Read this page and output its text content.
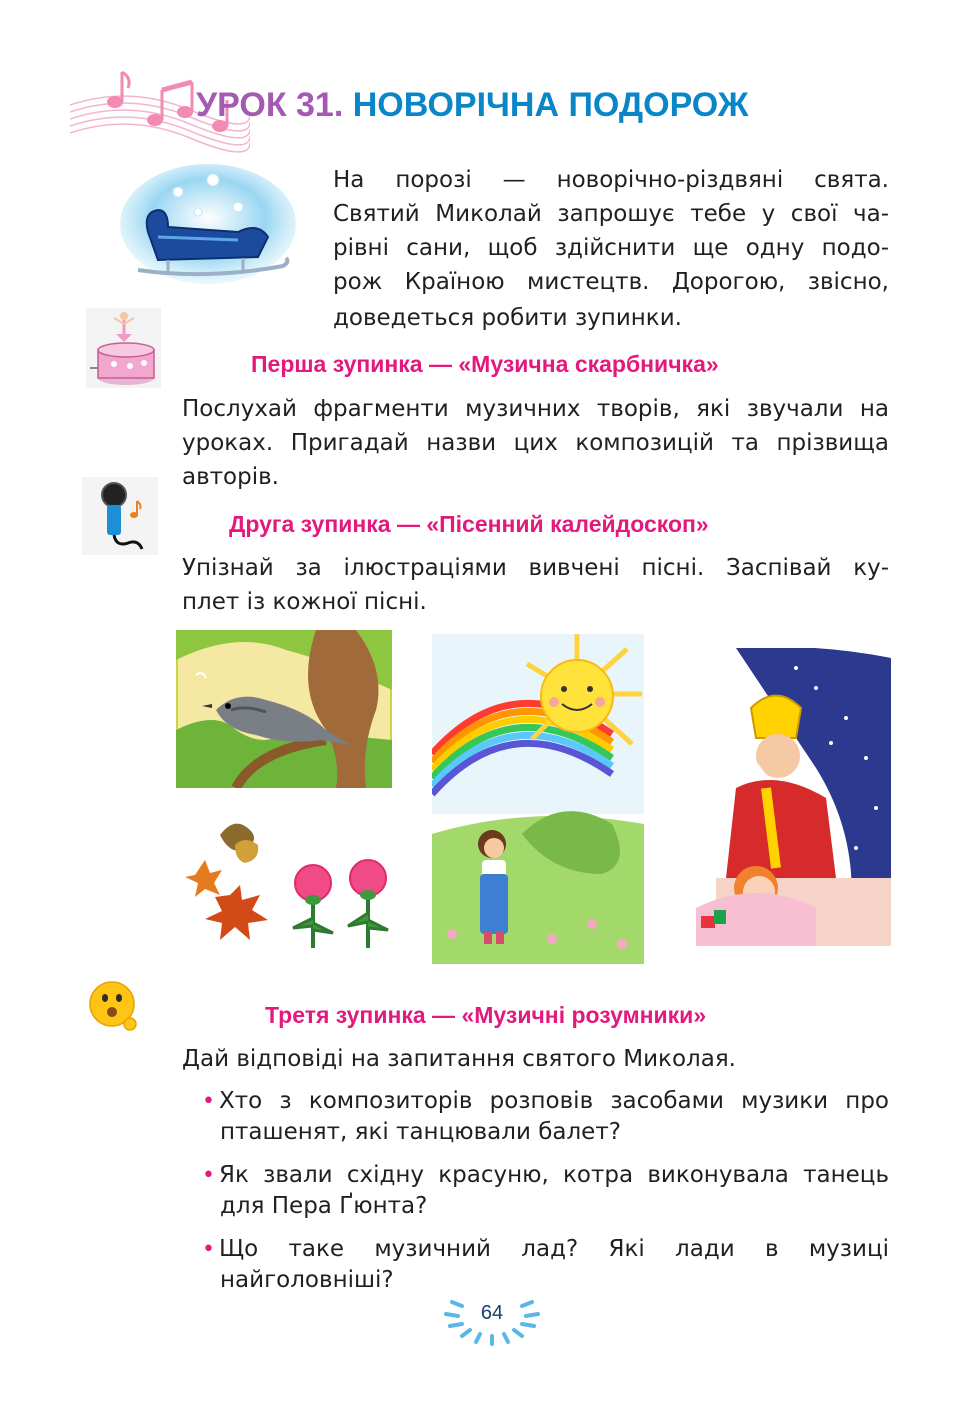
УРОК 31. НОВОРІЧНА ПОДОРОЖ

На порозі — новорічно-різдвяні свята.

Святий Миколай запрошує тебе у свої ча-

рівні сани, щоб здійснити ще одну подо-

рож Країною мистецтв. Дорогою, звісно,

доведеться робити зупинки.

Перша зупинка — «Музична скарбничка»

Послухай фрагменти музичних творів, які звучали на

уроках. Пригадай назви цих композицій та прізвища

авторів.

Друга зупинка — «Пісенний калейдоскоп»

Упізнай за ілюстраціями вивчені пісні. Заспівай ку-

плет із кожної пісні.

Третя зупинка — «Музичні розумники»

Дай відповіді на запитання святого Миколая.

• Хто з композиторів розповів засобами музики про пташенят, які танцювали балет?
• Як звали східну красуню, котра виконувала танець для Пера Ґюнта?
• Що таке музичний лад? Які лади в музиці найголовніші?
64
